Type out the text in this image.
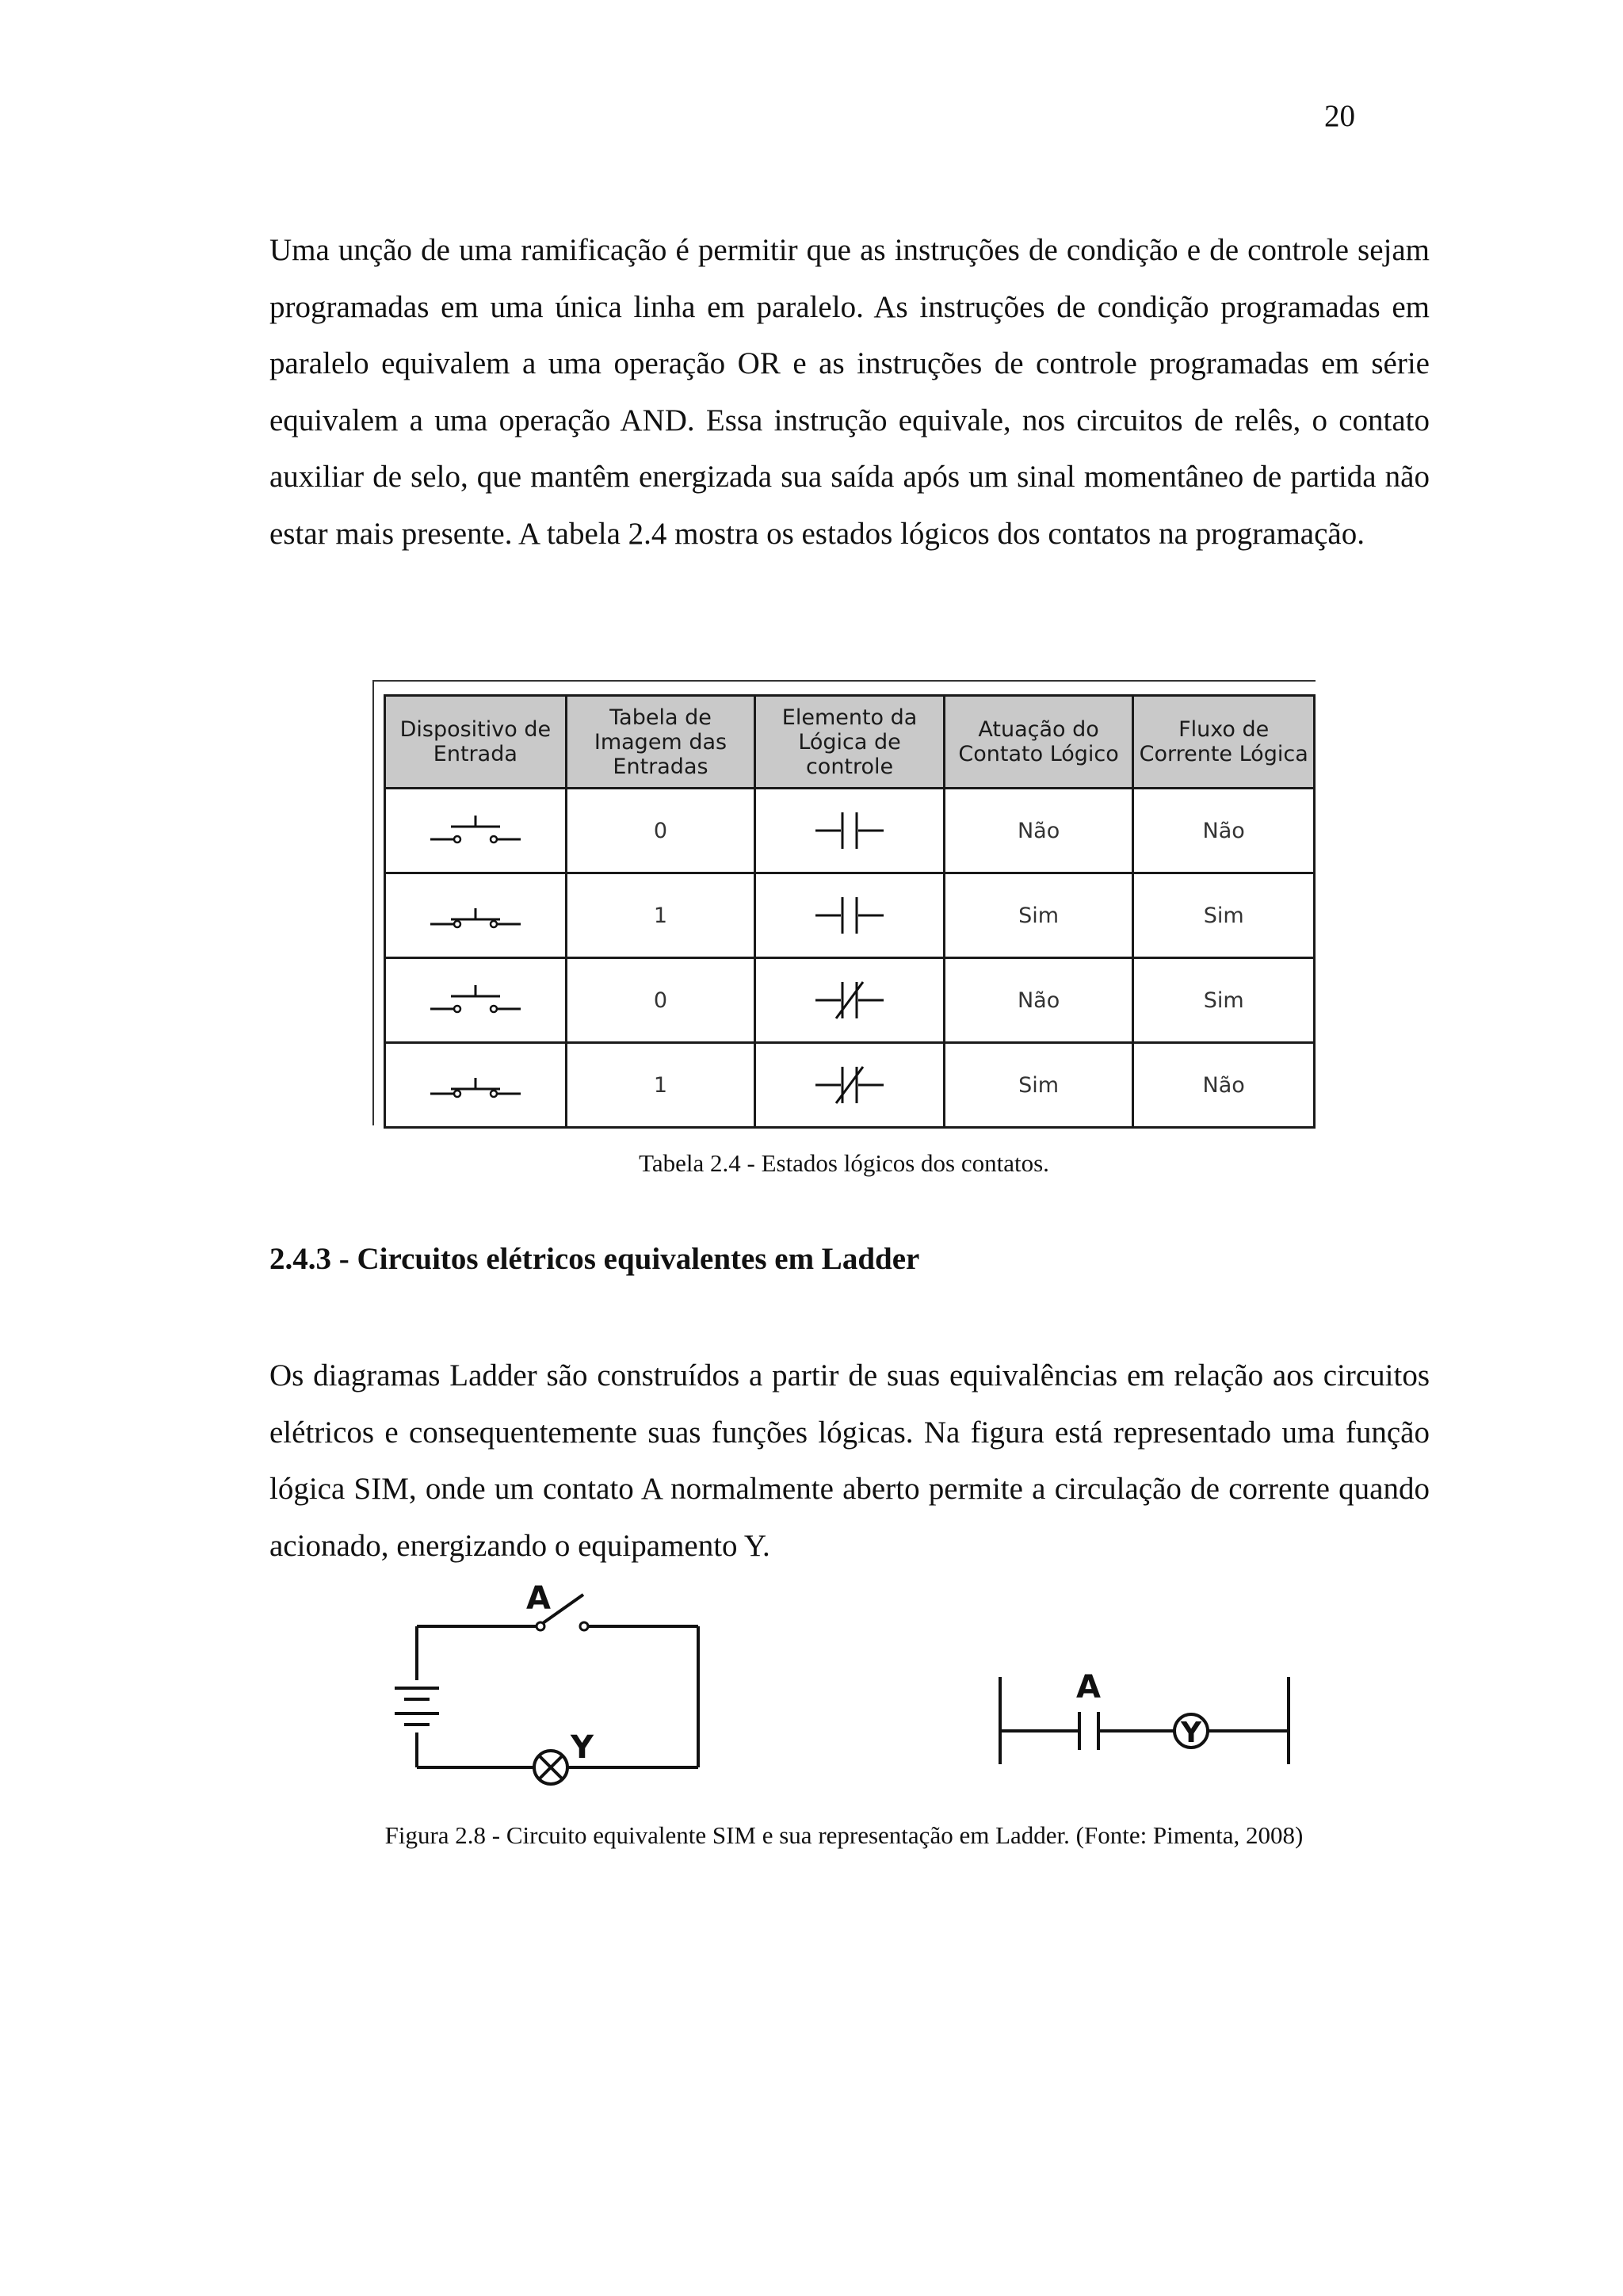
20

Uma unção de uma ramificação é permitir que as instruções de condição e de controle sejam programadas em uma única linha em paralelo. As instruções de condição programadas em paralelo equivalem a uma operação OR e as instruções de controle programadas em série equivalem a uma operação AND. Essa instrução equivale, nos circuitos de relês, o contato auxiliar de selo, que mantêm energizada sua saída após um sinal momentâneo de partida não estar mais presente. A tabela 2.4 mostra os estados lógicos dos contatos na programação.

Dispositivo de Entrada	Tabela de Imagem das Entradas	Elemento da Lógica de controle	Atuação do Contato Lógico	Fluxo de Corrente Lógica
	0		Não	Não
	1		Sim	Sim
	0		Não	Sim
	1		Sim	Não

Tabela 2.4 - Estados lógicos dos contatos.

2.4.3 - Circuitos elétricos equivalentes em Ladder

Os diagramas Ladder são construídos a partir de suas equivalências em relação aos circuitos elétricos e consequentemente suas funções lógicas. Na figura está representado uma função lógica SIM, onde um contato A normalmente aberto permite a circulação de corrente quando acionado, energizando o equipamento Y.

A
Y
A
Y

Figura 2.8 - Circuito equivalente SIM e sua representação em Ladder. (Fonte: Pimenta, 2008)
